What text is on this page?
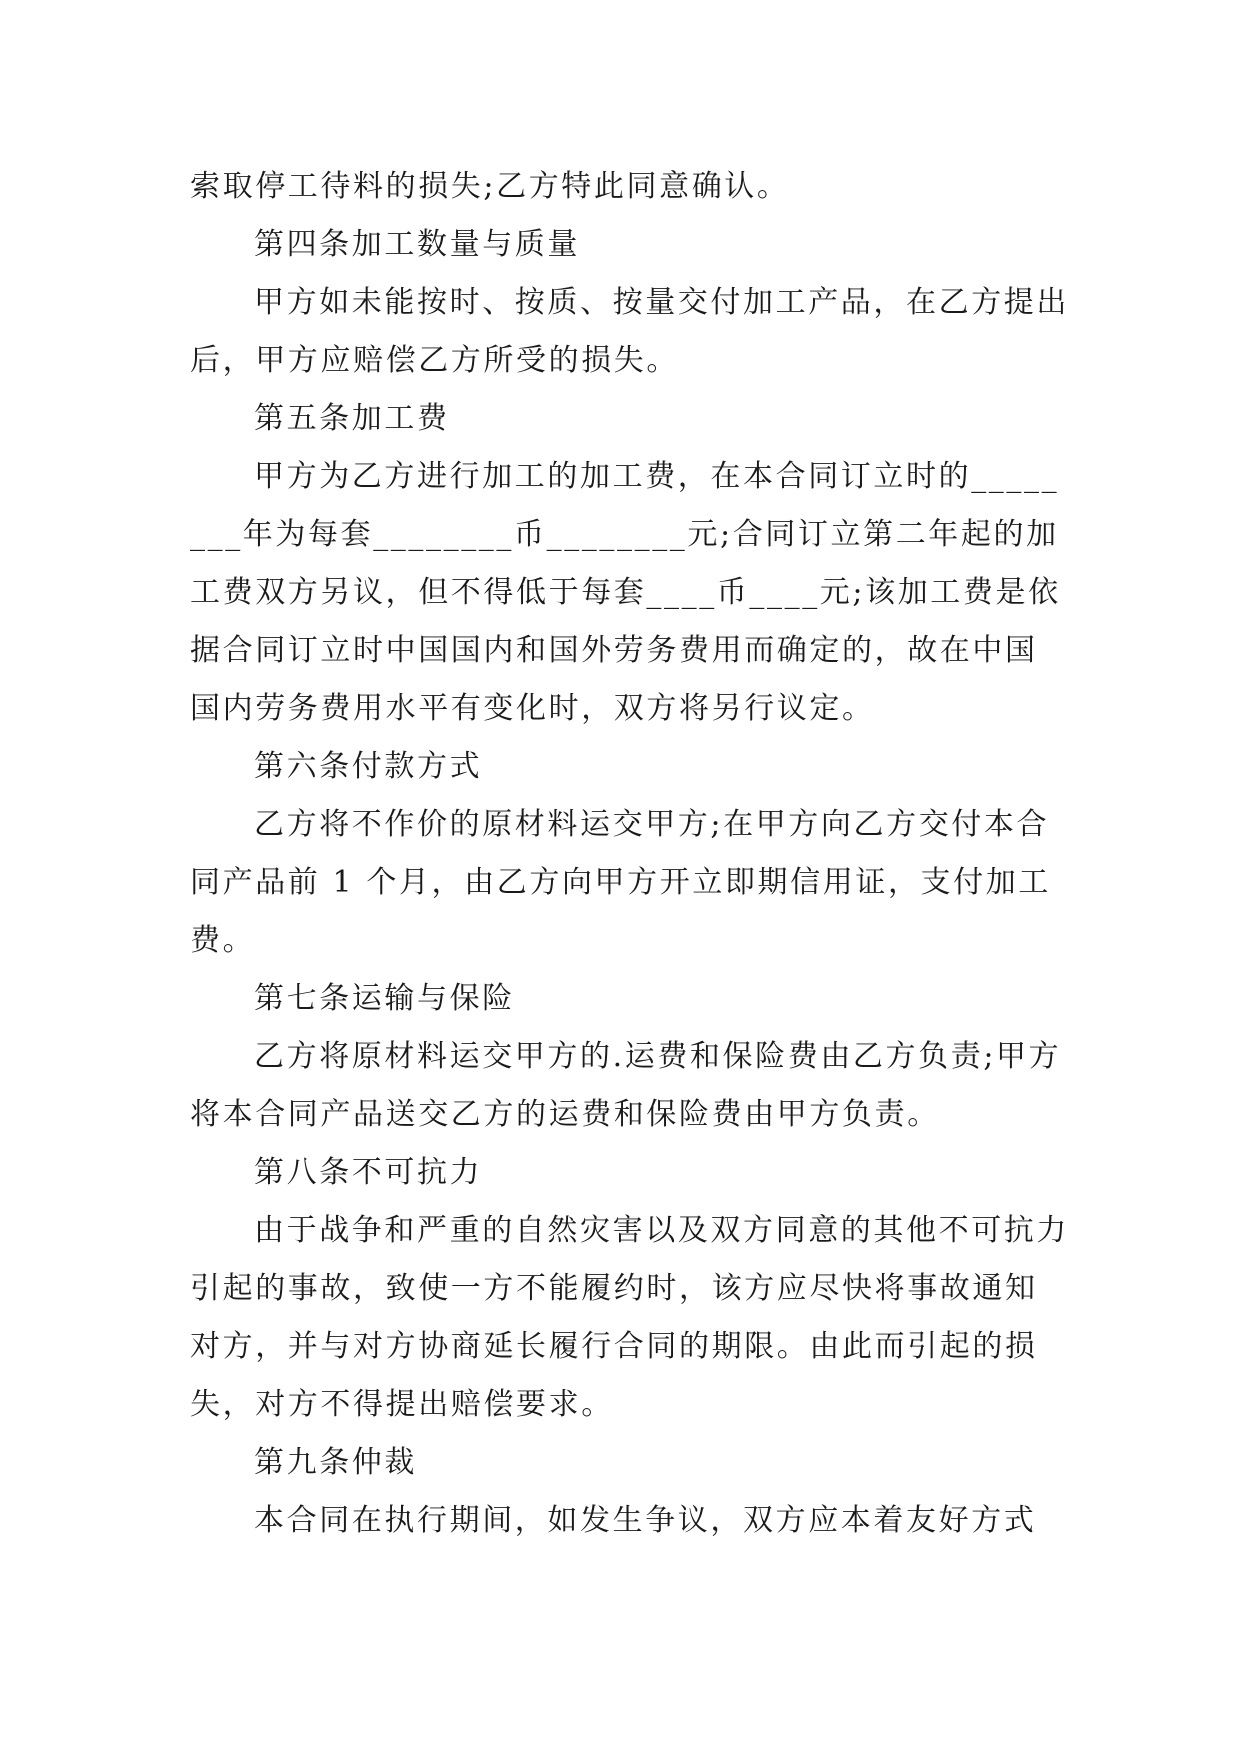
索取停工待料的损失;乙方特此同意确认。

第四条加工数量与质量

甲方如未能按时、按质、按量交付加工产品，在乙方提出后，甲方应赔偿乙方所受的损失。

第五条加工费

甲方为乙方进行加工的加工费，在本合同订立时的________年为每套________币________元;合同订立第二年起的加工费双方另议，但不得低于每套____币____元;该加工费是依据合同订立时中国国内和国外劳务费用而确定的，故在中国国内劳务费用水平有变化时，双方将另行议定。

第六条付款方式

乙方将不作价的原材料运交甲方;在甲方向乙方交付本合同产品前 1 个月，由乙方向甲方开立即期信用证，支付加工费。

第七条运输与保险

乙方将原材料运交甲方的.运费和保险费由乙方负责;甲方将本合同产品送交乙方的运费和保险费由甲方负责。

第八条不可抗力

由于战争和严重的自然灾害以及双方同意的其他不可抗力引起的事故，致使一方不能履约时，该方应尽快将事故通知对方，并与对方协商延长履行合同的期限。由此而引起的损失，对方不得提出赔偿要求。

第九条仲裁

本合同在执行期间，如发生争议，双方应本着友好方式
